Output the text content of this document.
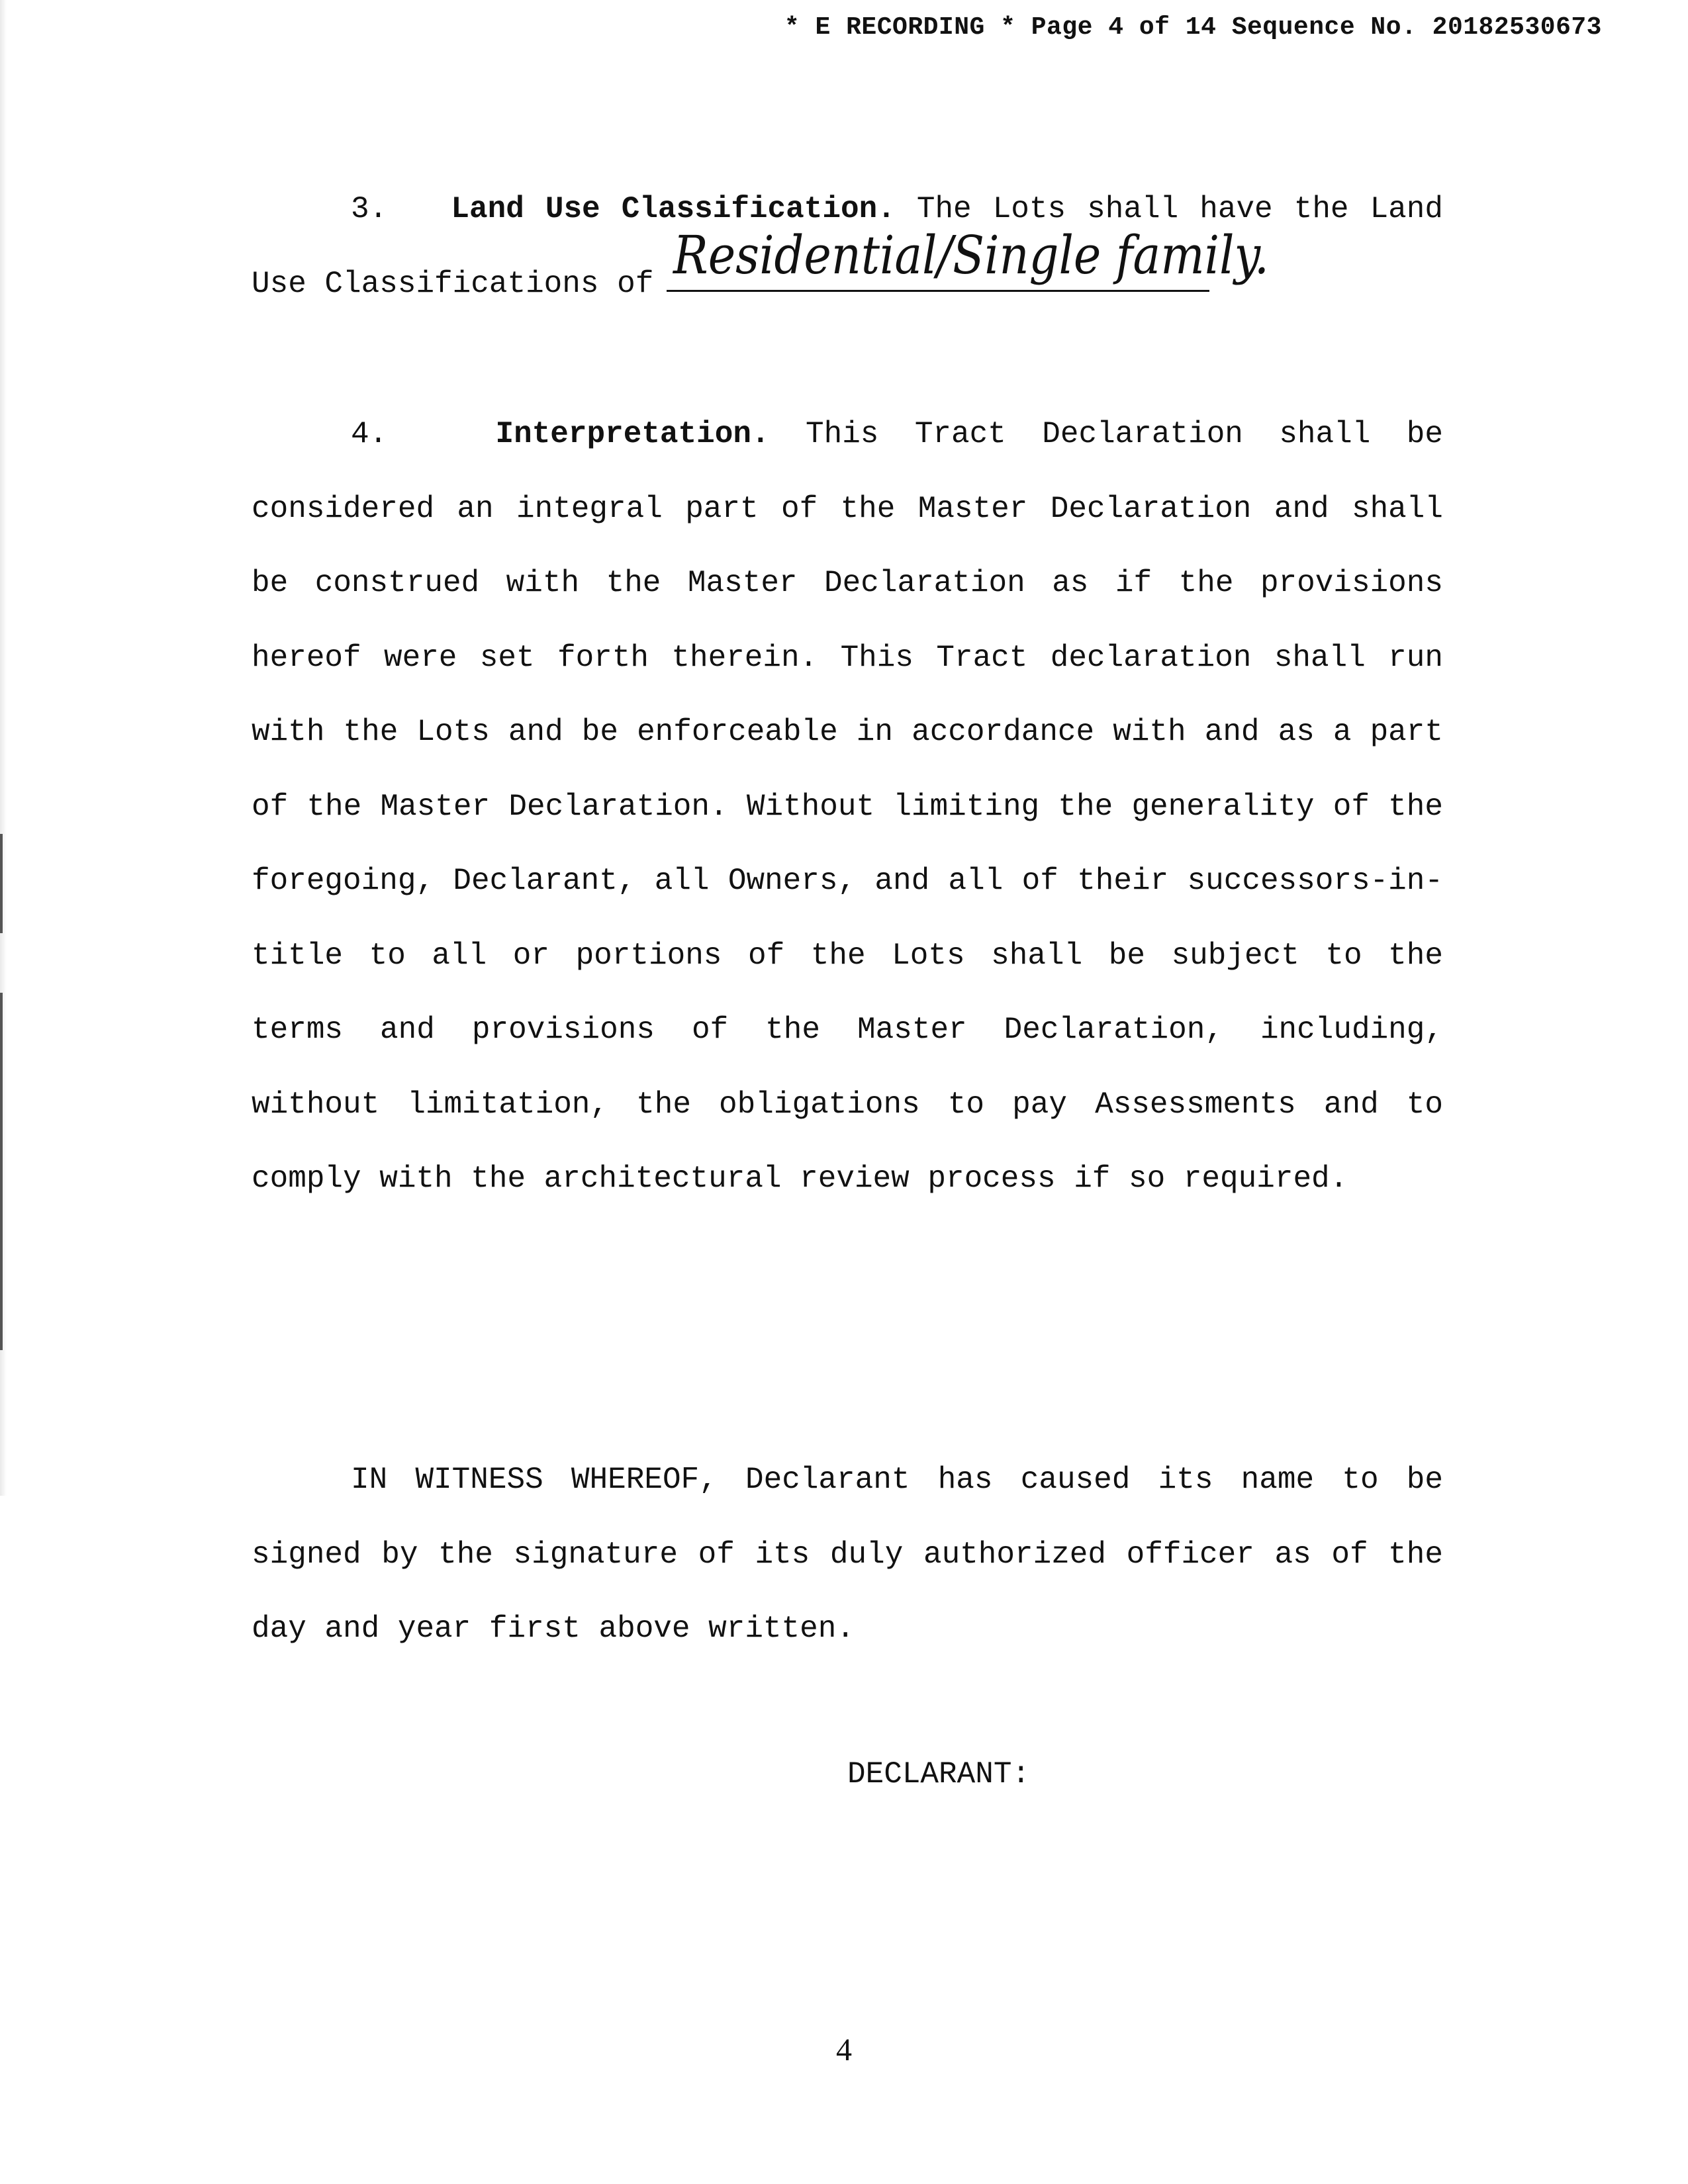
* E RECORDING * Page 4 of 14 Sequence No. 20182530673
3. Land Use Classification. The Lots shall have the Land Use Classifications of Residential/Single family.
4.	Interpretation. This Tract Declaration shall be considered an integral part of the Master Declaration and shall be construed with the Master Declaration as if the provisions hereof were set forth therein. This Tract declaration shall run with the Lots and be enforceable in accordance with and as a part of the Master Declaration. Without limiting the generality of the foregoing, Declarant, all Owners, and all of their successors-in-title to all or portions of the Lots shall be subject to the terms and provisions of the Master Declaration, including, without limitation, the obligations to pay Assessments and to comply with the architectural review process if so required.
IN WITNESS WHEREOF, Declarant has caused its name to be signed by the signature of its duly authorized officer as of the day and year first above written.
DECLARANT:
4
